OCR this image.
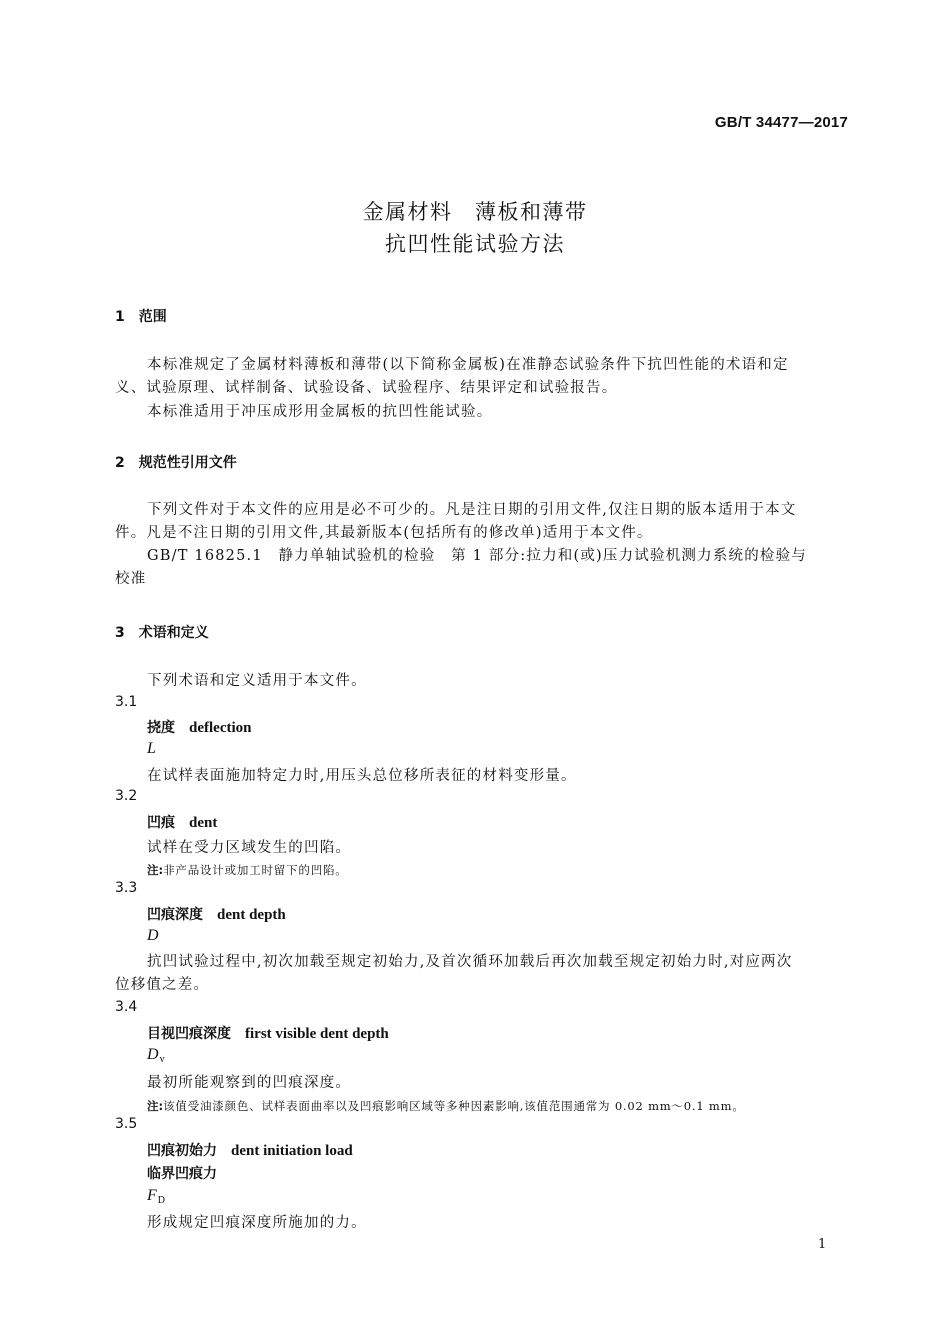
GB/T 34477—2017
金属材料　薄板和薄带
抗凹性能试验方法
1　范围
本标准规定了金属材料薄板和薄带(以下简称金属板)在准静态试验条件下抗凹性能的术语和定
义、试验原理、试样制备、试验设备、试验程序、结果评定和试验报告。
本标准适用于冲压成形用金属板的抗凹性能试验。
2　规范性引用文件
下列文件对于本文件的应用是必不可少的。凡是注日期的引用文件,仅注日期的版本适用于本文
件。凡是不注日期的引用文件,其最新版本(包括所有的修改单)适用于本文件。
GB/T 16825.1　静力单轴试验机的检验　第 1 部分:拉力和(或)压力试验机测力系统的检验与
校准
3　术语和定义
下列术语和定义适用于本文件。
3.1
挠度 deflection
L
在试样表面施加特定力时,用压头总位移所表征的材料变形量。
3.2
凹痕 dent
试样在受力区域发生的凹陷。
注:非产品设计或加工时留下的凹陷。
3.3
凹痕深度 dent depth
D
抗凹试验过程中,初次加载至规定初始力,及首次循环加载后再次加载至规定初始力时,对应两次
位移值之差。
3.4
目视凹痕深度 first visible dent depth
$D_v$
最初所能观察到的凹痕深度。
注:该值受油漆颜色、试样表面曲率以及凹痕影响区域等多种因素影响,该值范围通常为 0.02 mm～0.1 mm。
3.5
凹痕初始力 dent initiation load
临界凹痕力
$F_D$
形成规定凹痕深度所施加的力。
1
